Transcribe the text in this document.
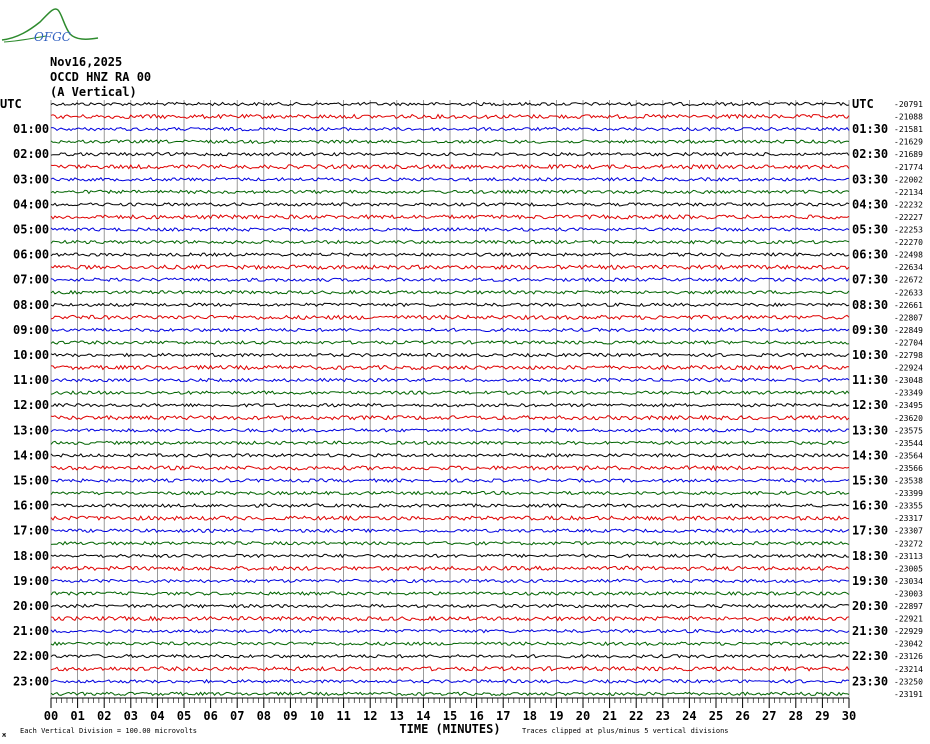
OFGC
Nov16,2025
OCCD HNZ RA 00
(A Vertical)
UTC
01:00
02:00
03:00
04:00
05:00
06:00
07:00
08:00
09:00
10:00
11:00
12:00
13:00
14:00
15:00
16:00
17:00
18:00
19:00
20:00
21:00
22:00
23:00
UTC
01:30
02:30
03:30
04:30
05:30
06:30
07:30
08:30
09:30
10:30
11:30
12:30
13:30
14:30
15:30
16:30
17:30
18:30
19:30
20:30
21:30
22:30
23:30
-20791
-21088
-21581
-21629
-21689
-21774
-22002
-22134
-22232
-22227
-22253
-22270
-22498
-22634
-22672
-22633
-22661
-22807
-22849
-22704
-22798
-22924
-23048
-23349
-23495
-23620
-23575
-23544
-23564
-23566
-23538
-23399
-23355
-23317
-23307
-23272
-23113
-23005
-23034
-23003
-22897
-22921
-22929
-23042
-23126
-23214
-23250
-23191
00 01 02 03 04 05 06 07 08 09 10 11 12 13 14 15 16 17 18 19 20 21 22 23 24 25 26 27 28 29 30
TIME (MINUTES)
Each Vertical Division = 100.00 microvolts	Traces clipped at plus/minus 5 vertical divisions
ж
